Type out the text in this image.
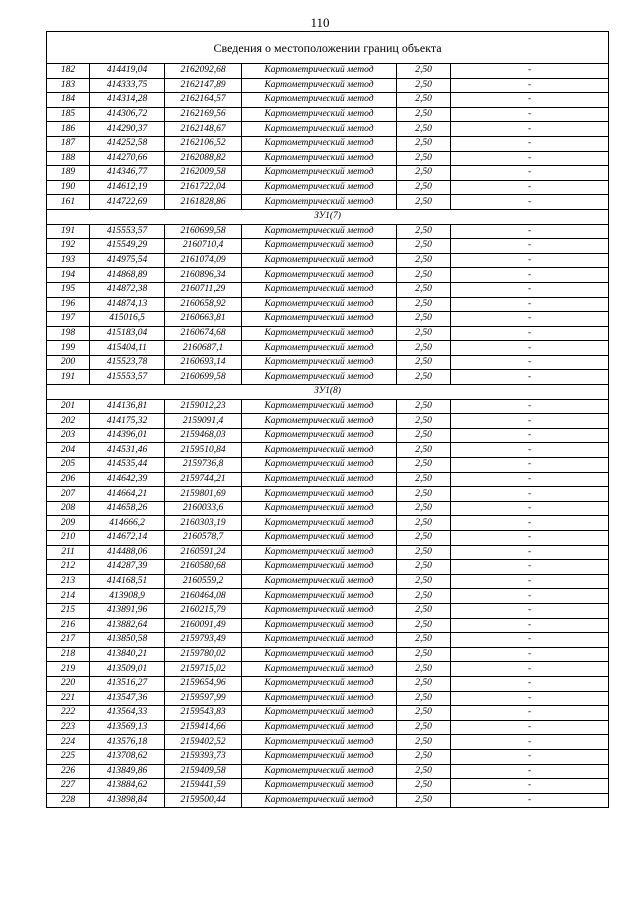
110
Сведения о местоположении границ объекта					
182	414419,04	2162092,68	Картометрический метод	2,50	-
183	414333,75	2162147,89	Картометрический метод	2,50	-
184	414314,28	2162164,57	Картометрический метод	2,50	-
185	414306,72	2162169,56	Картометрический метод	2,50	-
186	414290,37	2162148,67	Картометрический метод	2,50	-
187	414252,58	2162106,52	Картометрический метод	2,50	-
188	414270,66	2162088,82	Картометрический метод	2,50	-
189	414346,77	2162009,58	Картометрический метод	2,50	-
190	414612,19	2161722,04	Картометрический метод	2,50	-
161	414722,69	2161828,86	Картометрический метод	2,50	-
ЗУ1(7)					
191	415553,57	2160699,58	Картометрический метод	2,50	-
192	415549,29	2160710,4	Картометрический метод	2,50	-
193	414975,54	2161074,09	Картометрический метод	2,50	-
194	414868,89	2160896,34	Картометрический метод	2,50	-
195	414872,38	2160711,29	Картометрический метод	2,50	-
196	414874,13	2160658,92	Картометрический метод	2,50	-
197	415016,5	2160663,81	Картометрический метод	2,50	-
198	415183,04	2160674,68	Картометрический метод	2,50	-
199	415404,11	2160687,1	Картометрический метод	2,50	-
200	415523,78	2160693,14	Картометрический метод	2,50	-
191	415553,57	2160699,58	Картометрический метод	2,50	-
ЗУ1(8)					
201	414136,81	2159012,23	Картометрический метод	2,50	-
202	414175,32	2159091,4	Картометрический метод	2,50	-
203	414396,01	2159468,03	Картометрический метод	2,50	-
204	414531,46	2159510,84	Картометрический метод	2,50	-
205	414535,44	2159736,8	Картометрический метод	2,50	-
206	414642,39	2159744,21	Картометрический метод	2,50	-
207	414664,21	2159801,69	Картометрический метод	2,50	-
208	414658,26	2160033,6	Картометрический метод	2,50	-
209	414666,2	2160303,19	Картометрический метод	2,50	-
210	414672,14	2160578,7	Картометрический метод	2,50	-
211	414488,06	2160591,24	Картометрический метод	2,50	-
212	414287,39	2160580,68	Картометрический метод	2,50	-
213	414168,51	2160559,2	Картометрический метод	2,50	-
214	413908,9	2160464,08	Картометрический метод	2,50	-
215	413891,96	2160215,79	Картометрический метод	2,50	-
216	413882,64	2160091,49	Картометрический метод	2,50	-
217	413850,58	2159793,49	Картометрический метод	2,50	-
218	413840,21	2159780,02	Картометрический метод	2,50	-
219	413509,01	2159715,02	Картометрический метод	2,50	-
220	413516,27	2159654,96	Картометрический метод	2,50	-
221	413547,36	2159597,99	Картометрический метод	2,50	-
222	413564,33	2159543,83	Картометрический метод	2,50	-
223	413569,13	2159414,66	Картометрический метод	2,50	-
224	413576,18	2159402,52	Картометрический метод	2,50	-
225	413708,62	2159393,73	Картометрический метод	2,50	-
226	413849,86	2159409,58	Картометрический метод	2,50	-
227	413884,62	2159441,59	Картометрический метод	2,50	-
228	413898,84	2159500,44	Картометрический метод	2,50	-
